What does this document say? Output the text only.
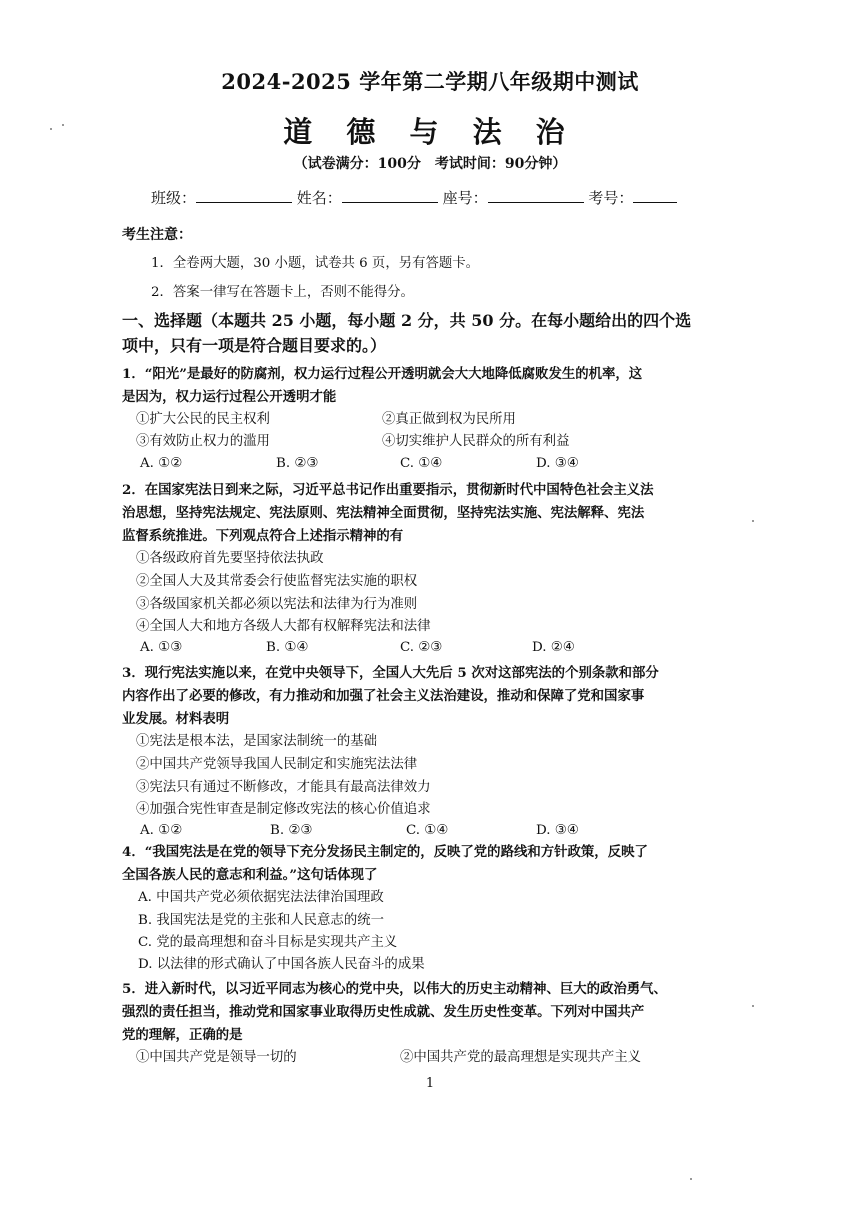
2024-2025 学年第二学期八年级期中测试
道 德 与 法 治
（试卷满分：100分　考试时间：90分钟）
班级：	姓名：	座号：	考号：
考生注意：
1．全卷两大题，30 小题，试卷共 6 页，另有答题卡。
2．答案一律写在答题卡上，否则不能得分。
一、选择题（本题共 25 小题，每小题 2 分，共 50 分。在每小题给出的四个选
项中，只有一项是符合题目要求的。）
1．“阳光”是最好的防腐剂，权力运行过程公开透明就会大大地降低腐败发生的机率，这
是因为，权力运行过程公开透明才能
①扩大公民的民主权利	②真正做到权为民所用
③有效防止权力的滥用	④切实维护人民群众的所有利益
A. ①②	B. ②③	C. ①④	D. ③④
2．在国家宪法日到来之际，习近平总书记作出重要指示，贯彻新时代中国特色社会主义法
治思想，坚持宪法规定、宪法原则、宪法精神全面贯彻，坚持宪法实施、宪法解释、宪法
监督系统推进。下列观点符合上述指示精神的有
①各级政府首先要坚持依法执政
②全国人大及其常委会行使监督宪法实施的职权
③各级国家机关都必须以宪法和法律为行为准则
④全国人大和地方各级人大都有权解释宪法和法律
A. ①③	B. ①④	C. ②③	D. ②④
3．现行宪法实施以来，在党中央领导下，全国人大先后 5 次对这部宪法的个别条款和部分
内容作出了必要的修改，有力推动和加强了社会主义法治建设，推动和保障了党和国家事
业发展。材料表明
①宪法是根本法，是国家法制统一的基础
②中国共产党领导我国人民制定和实施宪法法律
③宪法只有通过不断修改，才能具有最高法律效力
④加强合宪性审查是制定修改宪法的核心价值追求
A. ①②	B. ②③	C. ①④	D. ③④
4．“我国宪法是在党的领导下充分发扬民主制定的，反映了党的路线和方针政策，反映了
全国各族人民的意志和利益。”这句话体现了
A. 中国共产党必须依据宪法法律治国理政
B. 我国宪法是党的主张和人民意志的统一
C. 党的最高理想和奋斗目标是实现共产主义
D. 以法律的形式确认了中国各族人民奋斗的成果
5．进入新时代，以习近平同志为核心的党中央，以伟大的历史主动精神、巨大的政治勇气、
强烈的责任担当，推动党和国家事业取得历史性成就、发生历史性变革。下列对中国共产
党的理解，正确的是
①中国共产党是领导一切的	②中国共产党的最高理想是实现共产主义
1
